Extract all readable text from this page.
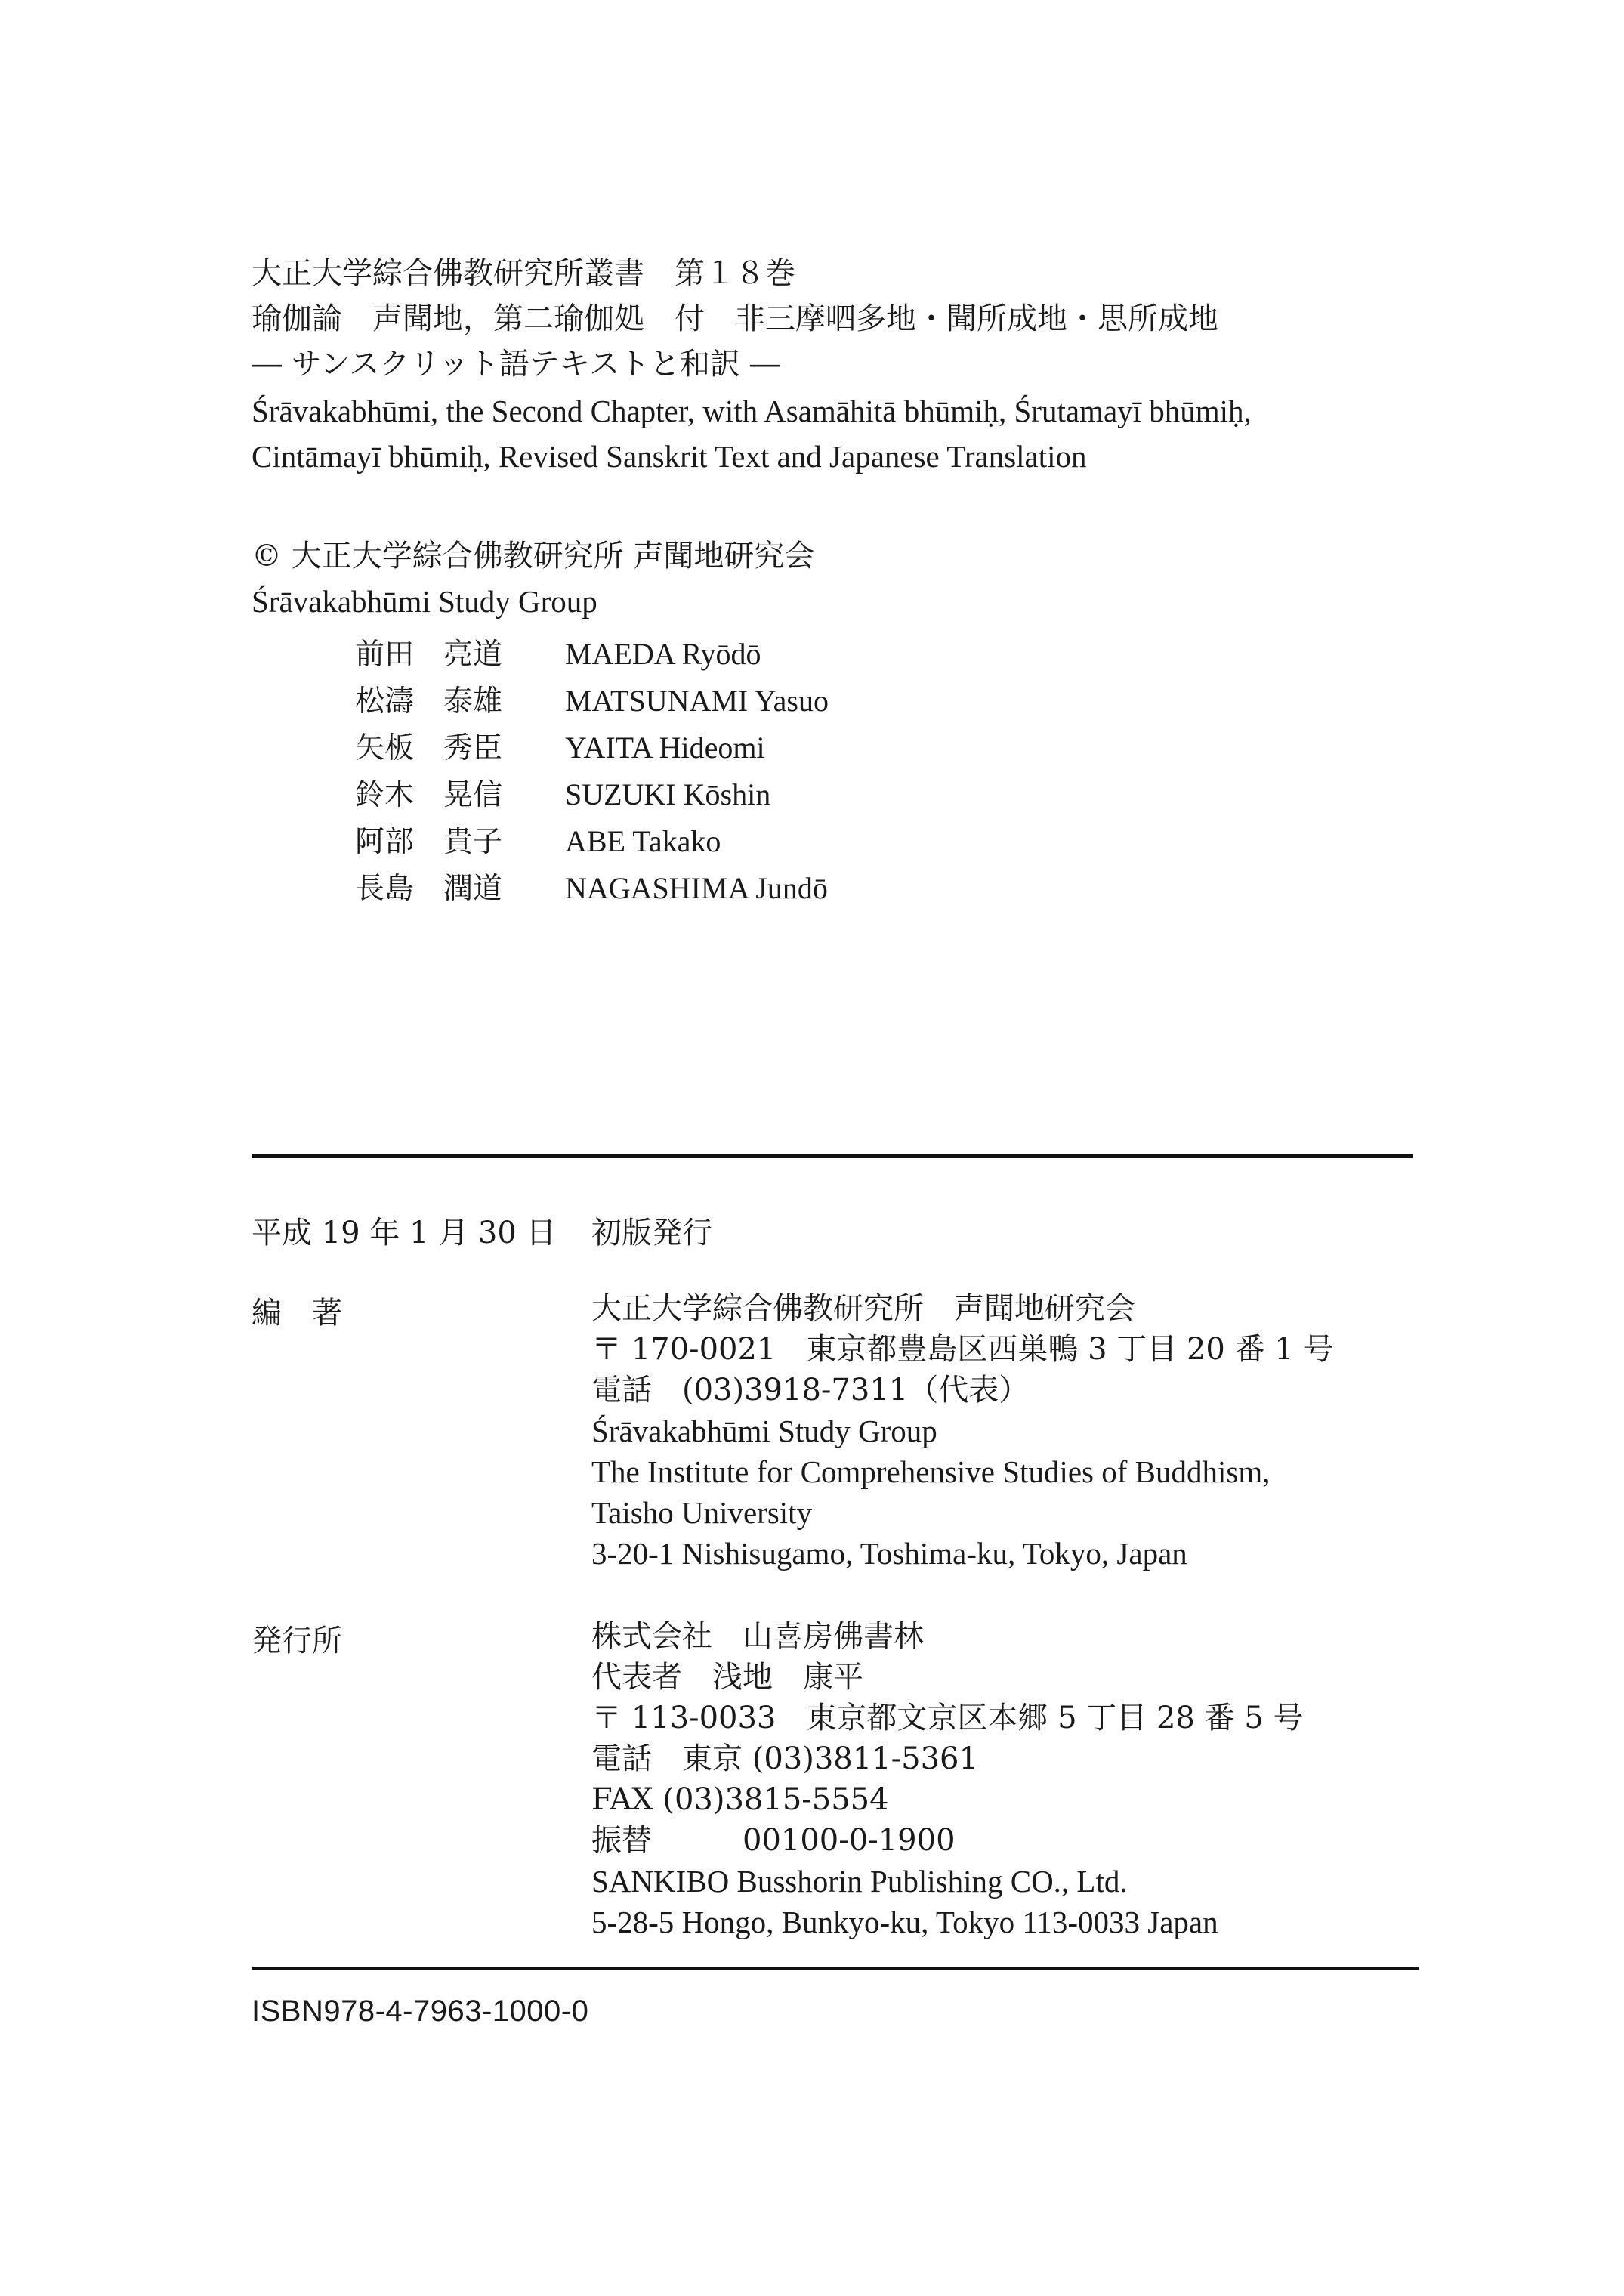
大正大学綜合佛教研究所叢書　第１８巻
瑜伽論　声聞地，第二瑜伽処　付　非三摩呬多地・聞所成地・思所成地
― サンスクリット語テキストと和訳 ―
Śrāvakabhūmi, the Second Chapter, with Asamāhitā bhūmiḥ, Śrutamayī bhūmiḥ,
Cintāmayī bhūmiḥ, Revised Sanskrit Text and Japanese Translation
© 大正大学綜合佛教研究所 声聞地研究会
Śrāvakabhūmi Study Group
前田　亮道 MAEDA Ryōdō
松濤　泰雄 MATSUNAMI Yasuo
矢板　秀臣 YAITA Hideomi
鈴木　晃信 SUZUKI Kōshin
阿部　貴子 ABE Takako
長島　潤道 NAGASHIMA Jundō
平成 19 年 1 月 30 日 初版発行
編　著	大正大学綜合佛教研究所　声聞地研究会
〒 170-0021　東京都豊島区西巣鴨 3 丁目 20 番 1 号
電話　(03)3918-7311（代表）
Śrāvakabhūmi Study Group
The Institute for Comprehensive Studies of Buddhism,
Taisho University
3-20-1 Nishisugamo, Toshima-ku, Tokyo, Japan
発行所	株式会社　山喜房佛書林
代表者　浅地　康平
〒 113-0033　東京都文京区本郷 5 丁目 28 番 5 号
電話　東京 (03)3811-5361
FAX (03)3815-5554
振替　　　00100-0-1900
SANKIBO Busshorin Publishing CO., Ltd.
5-28-5 Hongo, Bunkyo-ku, Tokyo 113-0033 Japan
ISBN978-4-7963-1000-0
